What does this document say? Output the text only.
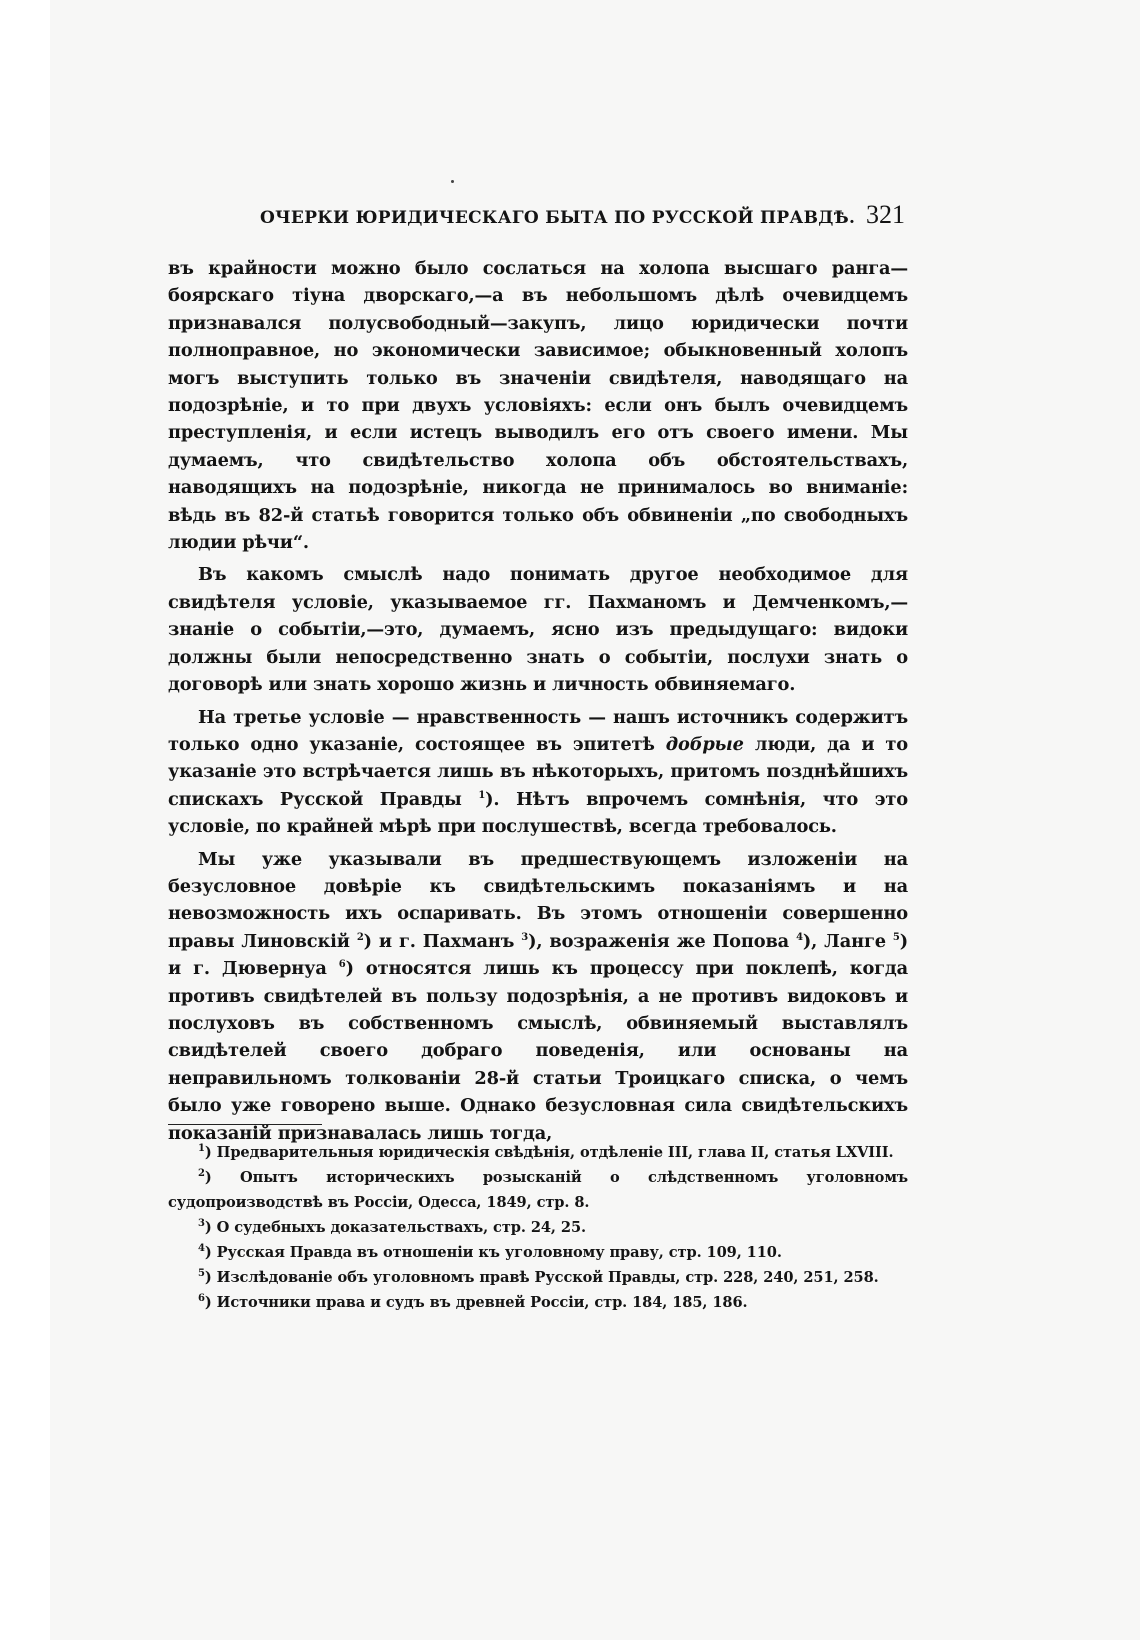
ОЧЕРКИ ЮРИДИЧЕСКАГО БЫТА ПО РУССКОЙ ПРАВДѢ. 321

въ крайности можно было сослаться на холопа высшаго ранга—боярскаго тіуна дворскаго,—а въ небольшомъ дѣлѣ очевидцемъ признавался полусвободный—закупъ, лицо юридически почти полноправное, но экономически зависимое; обыкновенный холопъ могъ выступить только въ значеніи свидѣтеля, наводящаго на подозрѣніе, и то при двухъ условіяхъ: если онъ былъ очевидцемъ преступленія, и если истецъ выводилъ его отъ своего имени. Мы думаемъ, что свидѣтельство холопа объ обстоятельствахъ, наводящихъ на подозрѣніе, никогда не принималось во вниманіе: вѣдь въ 82-й статьѣ говорится только объ обвиненіи „по свободныхъ людии рѣчи“.

Въ какомъ смыслѣ надо понимать другое необходимое для свидѣтеля условіе, указываемое гг. Пахманомъ и Демченкомъ,—знаніе о событіи,—это, думаемъ, ясно изъ предыдущаго: видоки должны были непосредственно знать о событіи, послухи знать о договорѣ или знать хорошо жизнь и личность обвиняемаго.

На третье условіе — нравственность — нашъ источникъ содержитъ только одно указаніе, состоящее въ эпитетѣ добрые люди, да и то указаніе это встрѣчается лишь въ нѣкоторыхъ, притомъ позднѣйшихъ спискахъ Русской Правды $^1$). Нѣтъ впрочемъ сомнѣнія, что это условіе, по крайней мѣрѣ при послушествѣ, всегда требовалось.

Мы уже указывали въ предшествующемъ изложеніи на безусловное довѣріе къ свидѣтельскимъ показаніямъ и на невозможность ихъ оспаривать. Въ этомъ отношеніи совершенно правы Линовскій $^2$) и г. Пахманъ $^3$), возраженія же Попова $^4$), Ланге $^5$) и г. Дювернуа $^6$) относятся лишь къ процессу при поклепѣ, когда противъ свидѣтелей въ пользу подозрѣнія, а не противъ видоковъ и послуховъ въ собственномъ смыслѣ, обвиняемый выставлялъ свидѣтелей своего добраго поведенія, или основаны на неправильномъ толкованіи 28-й статьи Троицкаго списка, о чемъ было уже говорено выше. Однако безусловная сила свидѣтельскихъ показаній признавалась лишь тогда,

$^1$) Предварительныя юридическія свѣдѣнія, отдѣленіе III, глава II, статья LXVIII.

$^2$) Опытъ историческихъ розысканій о слѣдственномъ уголовномъ судопроизводствѣ въ Россіи, Одесса, 1849, стр. 8.

$^3$) О судебныхъ доказательствахъ, стр. 24, 25.

$^4$) Русская Правда въ отношеніи къ уголовному праву, стр. 109, 110.

$^5$) Изслѣдованіе объ уголовномъ правѣ Русской Правды, стр. 228, 240, 251, 258.

$^6$) Источники права и судъ въ древней Россіи, стр. 184, 185, 186.
